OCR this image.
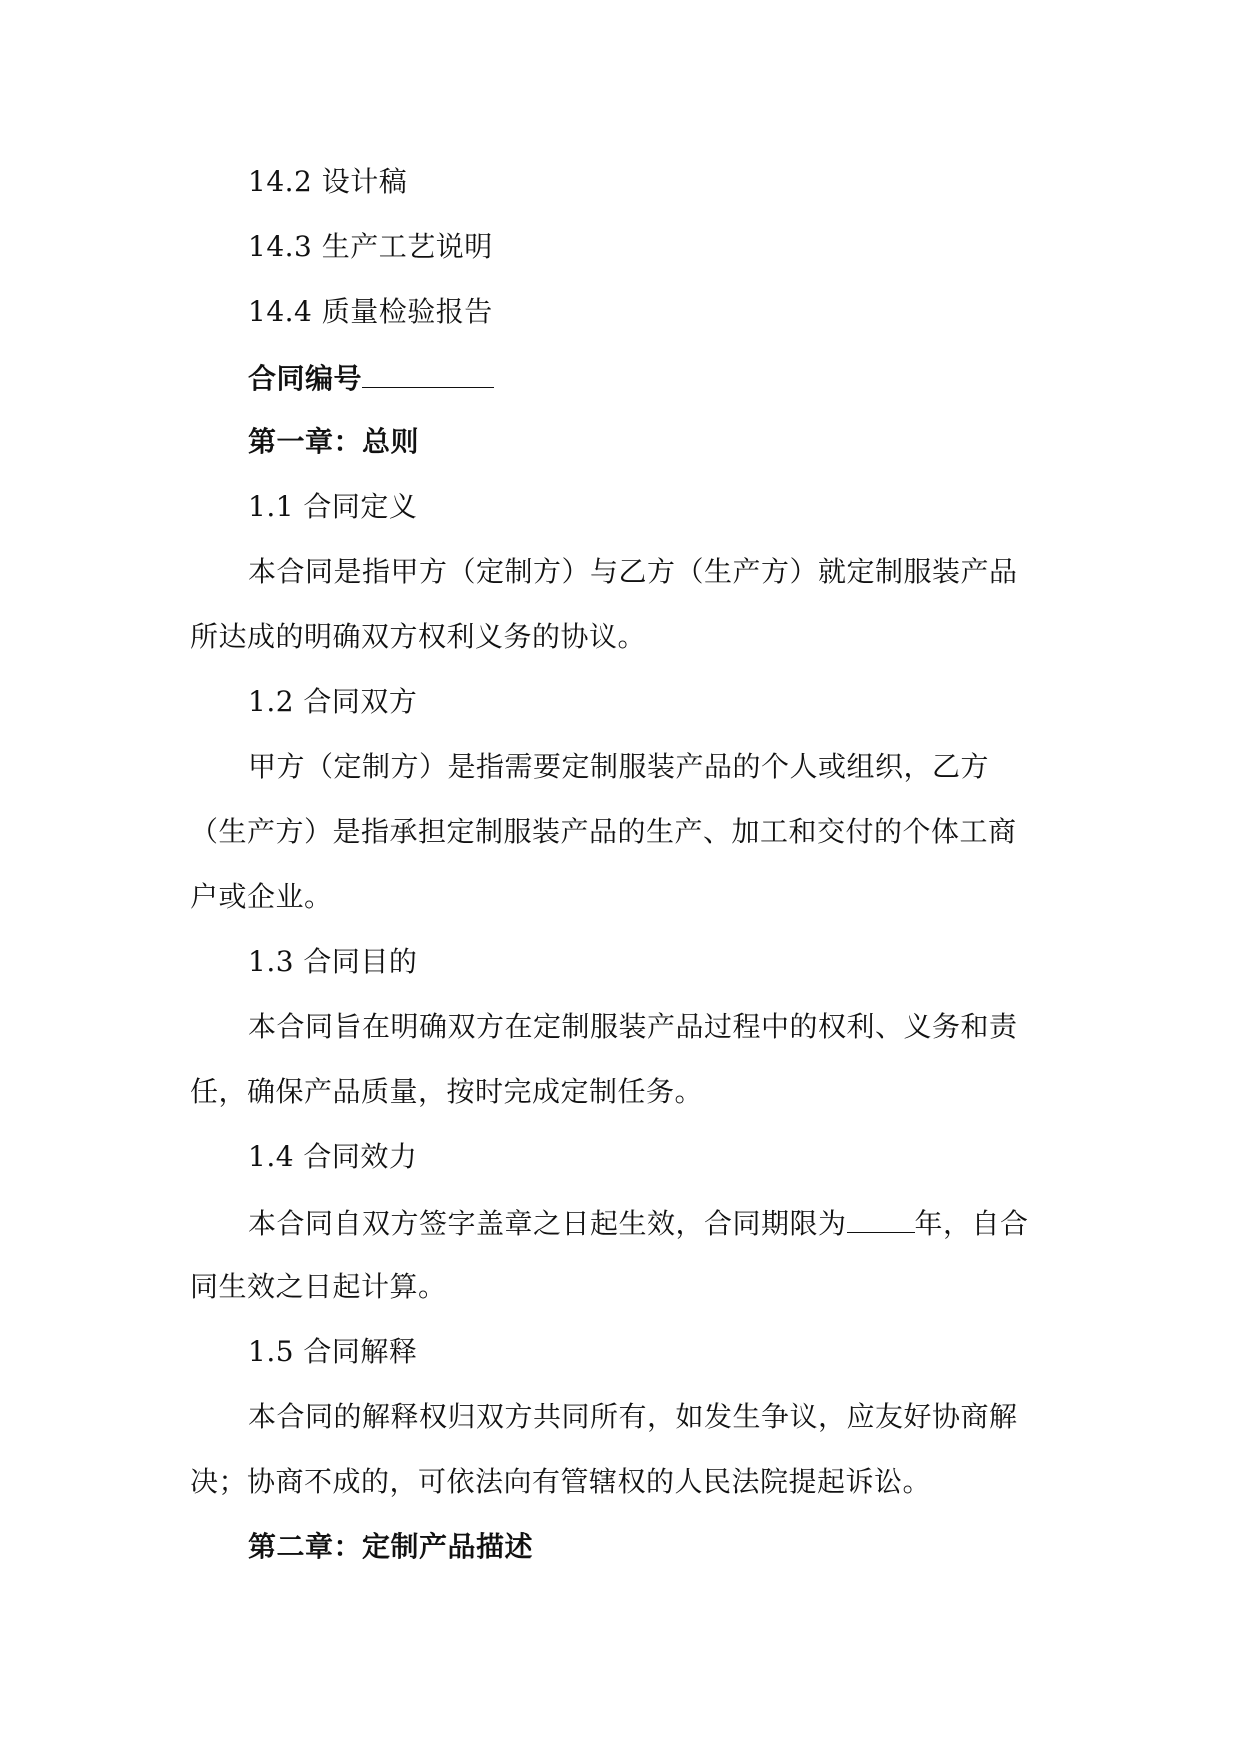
14.2 设计稿
14.3 生产工艺说明
14.4 质量检验报告
合同编号
第一章：总则
1.1 合同定义
本合同是指甲方（定制方）与乙方（生产方）就定制服装产品
所达成的明确双方权利义务的协议。
1.2 合同双方
甲方（定制方）是指需要定制服装产品的个人或组织，乙方
（生产方）是指承担定制服装产品的生产、加工和交付的个体工商
户或企业。
1.3 合同目的
本合同旨在明确双方在定制服装产品过程中的权利、义务和责
任，确保产品质量，按时完成定制任务。
1.4 合同效力
本合同自双方签字盖章之日起生效，合同期限为 年，自合
同生效之日起计算。
1.5 合同解释
本合同的解释权归双方共同所有，如发生争议，应友好协商解
决；协商不成的，可依法向有管辖权的人民法院提起诉讼。
第二章：定制产品描述
